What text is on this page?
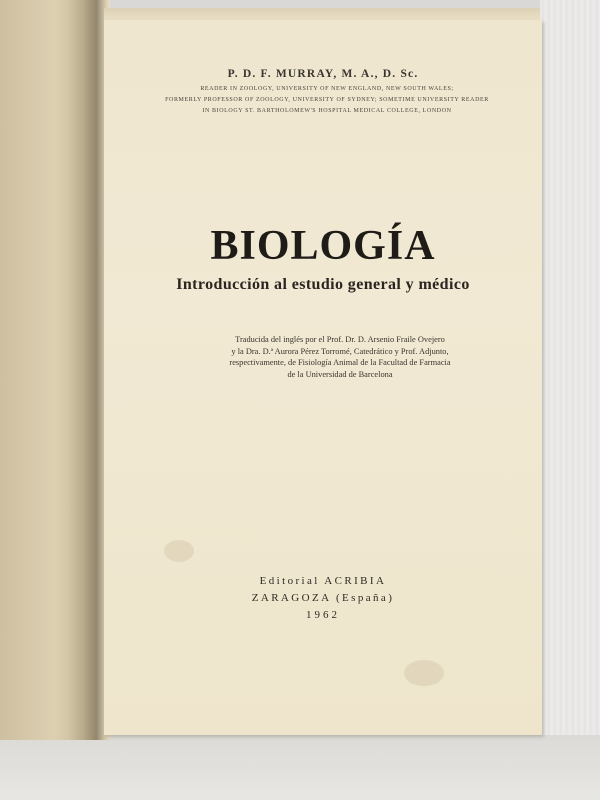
P. D. F. MURRAY, M. A., D. Sc.
READER IN ZOOLOGY, UNIVERSITY OF NEW ENGLAND, NEW SOUTH WALES;
FORMERLY PROFESSOR OF ZOOLOGY, UNIVERSITY OF SYDNEY; SOMETIME UNIVERSITY READER
IN BIOLOGY ST. BARTHOLOMEW'S HOSPITAL MEDICAL COLLEGE, LONDON
BIOLOGÍA
Introducción al estudio general y médico
Traducida del inglés por el Prof. Dr. D. Arsenio Fraile Ovejero
y la Dra. D.ª Aurora Pérez Torromé, Catedrático y Prof. Adjunto,
respectivamente, de Fisiología Animal de la Facultad de Farmacia
de la Universidad de Barcelona
Editorial ACRIBIA
ZARAGOZA (España)
1962
